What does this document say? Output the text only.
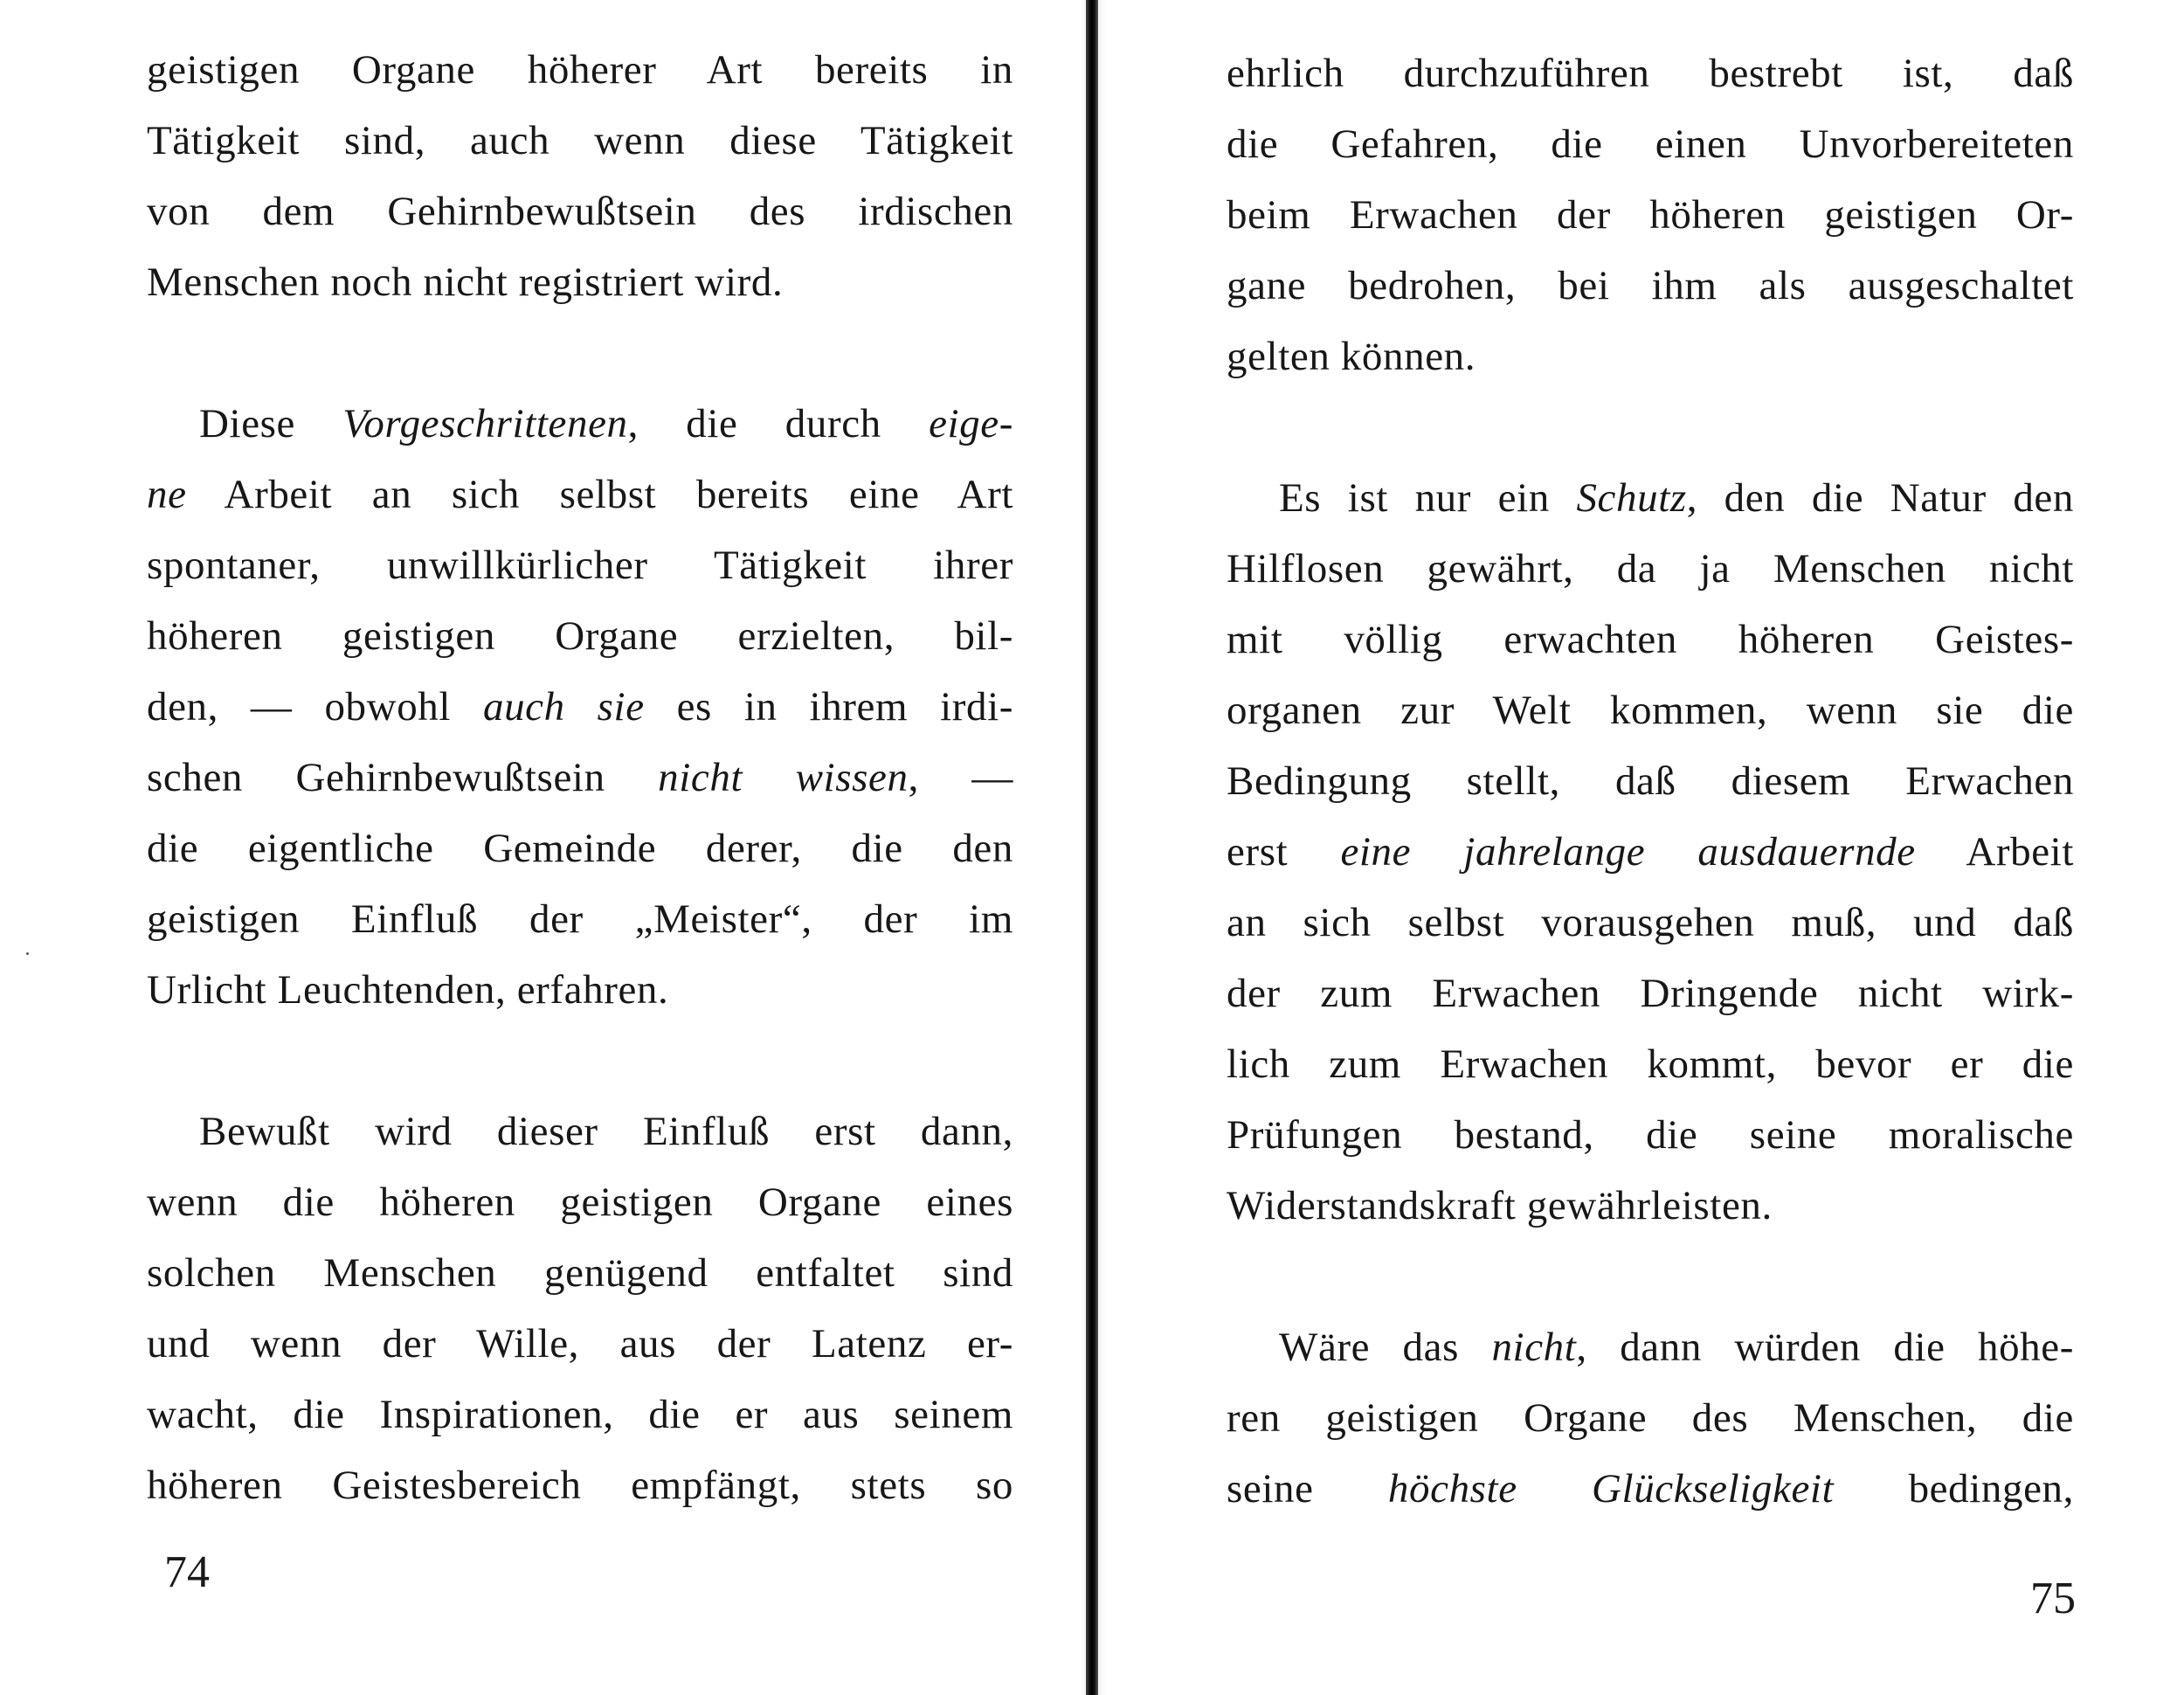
geistigen Organe höherer Art bereits in
Tätigkeit sind, auch wenn diese Tätigkeit
von dem Gehirnbewußtsein des irdischen
Menschen noch nicht registriert wird.
Diese Vorgeschrittenen, die durch eige-
ne Arbeit an sich selbst bereits eine Art
spontaner, unwillkürlicher Tätigkeit ihrer
höheren geistigen Organe erzielten, bil-
den, — obwohl auch sie es in ihrem irdi-
schen Gehirnbewußtsein nicht wissen, —
die eigentliche Gemeinde derer, die den
geistigen Einfluß der „Meister“, der im
Urlicht Leuchtenden, erfahren.
Bewußt wird dieser Einfluß erst dann,
wenn die höheren geistigen Organe eines
solchen Menschen genügend entfaltet sind
und wenn der Wille, aus der Latenz er-
wacht, die Inspirationen, die er aus seinem
höheren Geistesbereich empfängt, stets so
74
ehrlich durchzuführen bestrebt ist, daß
die Gefahren, die einen Unvorbereiteten
beim Erwachen der höheren geistigen Or-
gane bedrohen, bei ihm als ausgeschaltet
gelten können.
Es ist nur ein Schutz, den die Natur den
Hilflosen gewährt, da ja Menschen nicht
mit völlig erwachten höheren Geistes-
organen zur Welt kommen, wenn sie die
Bedingung stellt, daß diesem Erwachen
erst eine jahrelange ausdauernde Arbeit
an sich selbst vorausgehen muß, und daß
der zum Erwachen Dringende nicht wirk-
lich zum Erwachen kommt, bevor er die
Prüfungen bestand, die seine moralische
Widerstandskraft gewährleisten.
Wäre das nicht, dann würden die höhe-
ren geistigen Organe des Menschen, die
seine höchste Glückseligkeit bedingen,
75
